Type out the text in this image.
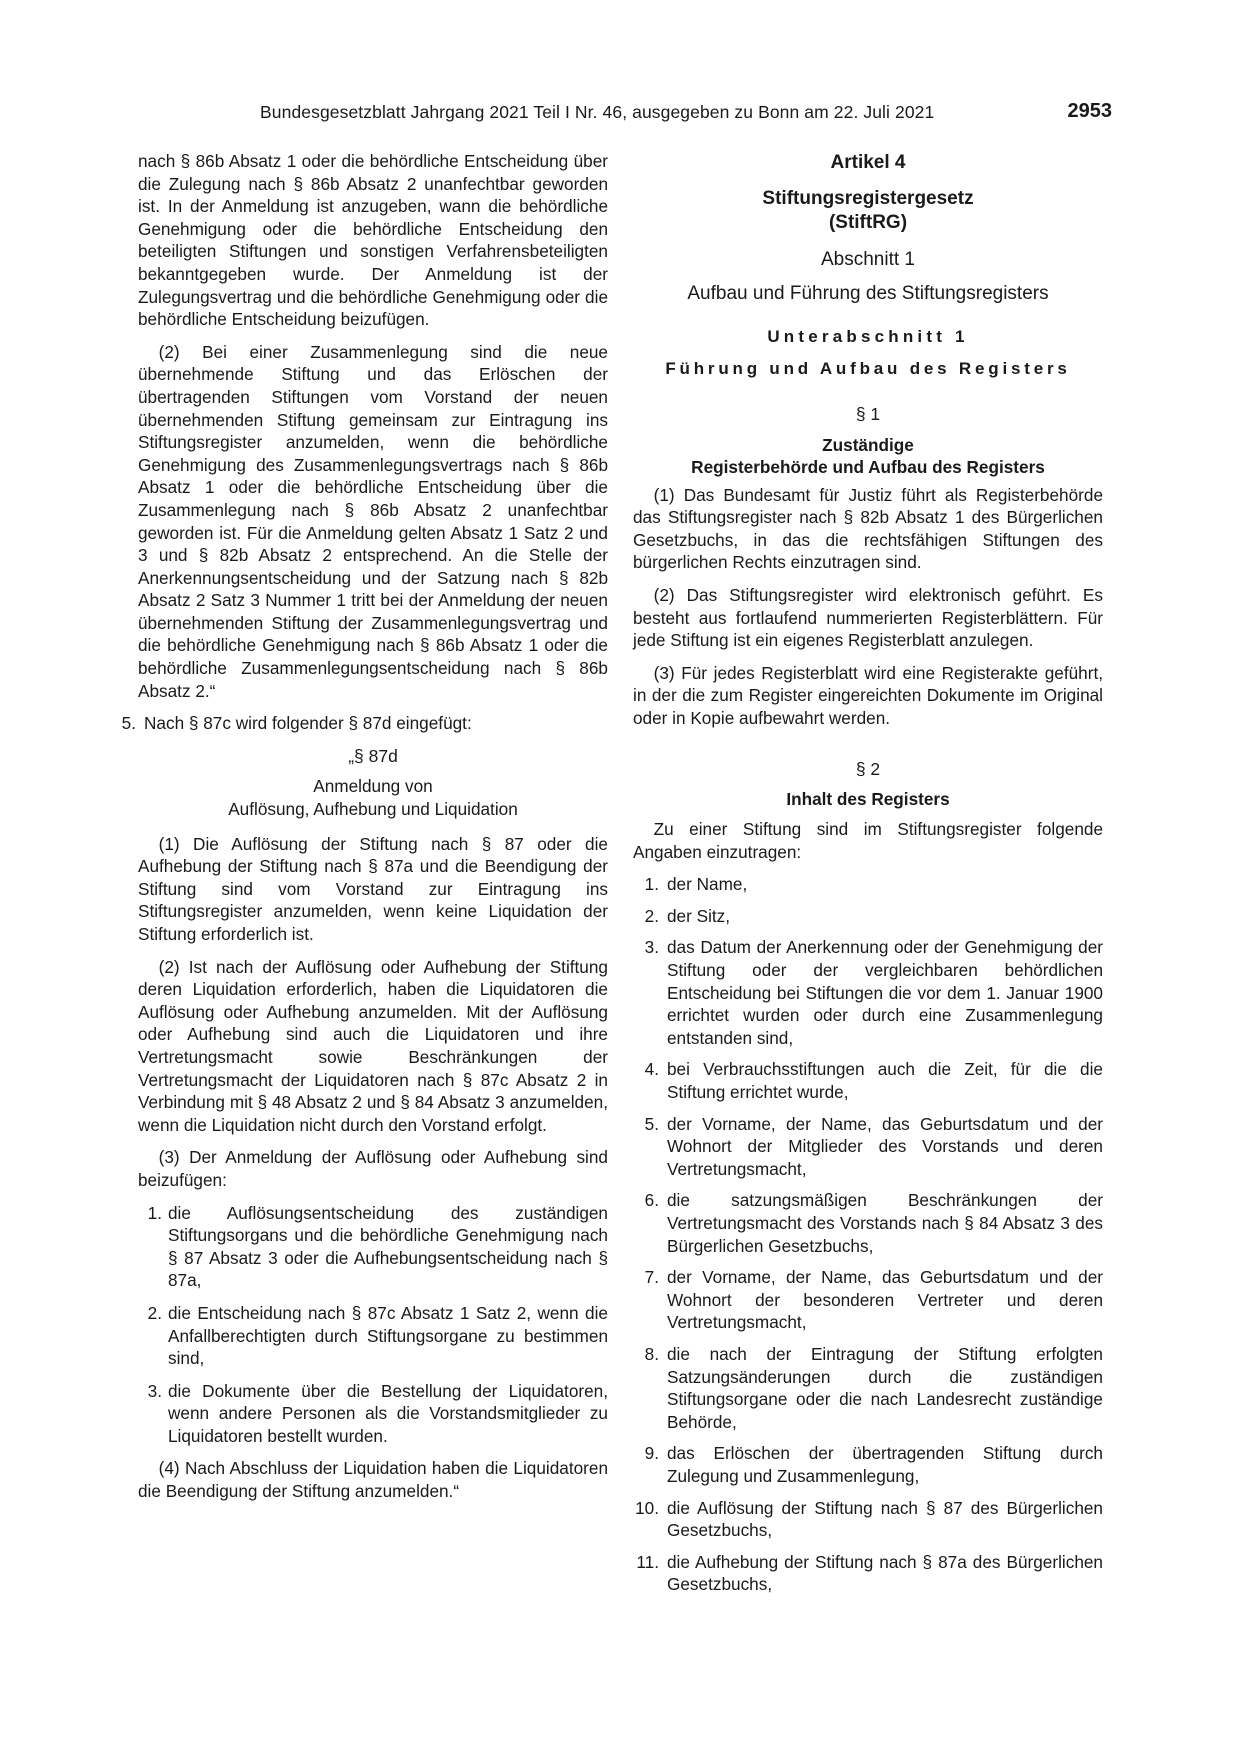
Bundesgesetzblatt Jahrgang 2021 Teil I Nr. 46, ausgegeben zu Bonn am 22. Juli 2021	2953

nach § 86b Absatz 1 oder die behördliche Entscheidung über die Zulegung nach § 86b Absatz 2 unanfechtbar geworden ist. In der Anmeldung ist anzugeben, wann die behördliche Genehmigung oder die behördliche Entscheidung den beteiligten Stiftungen und sonstigen Verfahrensbeteiligten bekanntgegeben wurde. Der Anmeldung ist der Zulegungsvertrag und die behördliche Genehmigung oder die behördliche Entscheidung beizufügen.

(2) Bei einer Zusammenlegung sind die neue übernehmende Stiftung und das Erlöschen der übertragenden Stiftungen vom Vorstand der neuen übernehmenden Stiftung gemeinsam zur Eintragung ins Stiftungsregister anzumelden, wenn die behördliche Genehmigung des Zusammenlegungsvertrags nach § 86b Absatz 1 oder die behördliche Entscheidung über die Zusammenlegung nach § 86b Absatz 2 unanfechtbar geworden ist. Für die Anmeldung gelten Absatz 1 Satz 2 und 3 und § 82b Absatz 2 entsprechend. An die Stelle der Anerkennungsentscheidung und der Satzung nach § 82b Absatz 2 Satz 3 Nummer 1 tritt bei der Anmeldung der neuen übernehmenden Stiftung der Zusammenlegungsvertrag und die behördliche Genehmigung nach § 86b Absatz 1 oder die behördliche Zusammenlegungsentscheidung nach § 86b Absatz 2.“

5. Nach § 87c wird folgender § 87d eingefügt:

„§ 87d

Anmeldung von

Auflösung, Aufhebung und Liquidation

(1) Die Auflösung der Stiftung nach § 87 oder die Aufhebung der Stiftung nach § 87a und die Beendigung der Stiftung sind vom Vorstand zur Eintragung ins Stiftungsregister anzumelden, wenn keine Liquidation der Stiftung erforderlich ist.

(2) Ist nach der Auflösung oder Aufhebung der Stiftung deren Liquidation erforderlich, haben die Liquidatoren die Auflösung oder Aufhebung anzumelden. Mit der Auflösung oder Aufhebung sind auch die Liquidatoren und ihre Vertretungsmacht sowie Beschränkungen der Vertretungsmacht der Liquidatoren nach § 87c Absatz 2 in Verbindung mit § 48 Absatz 2 und § 84 Absatz 3 anzumelden, wenn die Liquidation nicht durch den Vorstand erfolgt.

(3) Der Anmeldung der Auflösung oder Aufhebung sind beizufügen:

1. die Auflösungsentscheidung des zuständigen Stiftungsorgans und die behördliche Genehmigung nach § 87 Absatz 3 oder die Aufhebungsentscheidung nach § 87a,
2. die Entscheidung nach § 87c Absatz 1 Satz 2, wenn die Anfallberechtigten durch Stiftungsorgane zu bestimmen sind,
3. die Dokumente über die Bestellung der Liquidatoren, wenn andere Personen als die Vorstandsmitglieder zu Liquidatoren bestellt wurden.

(4) Nach Abschluss der Liquidation haben die Liquidatoren die Beendigung der Stiftung anzumelden.“

Artikel 4

Stiftungsregistergesetz

(StiftRG)

Abschnitt 1

Aufbau und Führung des Stiftungsregisters

Unterabschnitt 1

Führung und Aufbau des Registers

§ 1

Zuständige

Registerbehörde und Aufbau des Registers

(1) Das Bundesamt für Justiz führt als Registerbehörde das Stiftungsregister nach § 82b Absatz 1 des Bürgerlichen Gesetzbuchs, in das die rechtsfähigen Stiftungen des bürgerlichen Rechts einzutragen sind.

(2) Das Stiftungsregister wird elektronisch geführt. Es besteht aus fortlaufend nummerierten Registerblättern. Für jede Stiftung ist ein eigenes Registerblatt anzulegen.

(3) Für jedes Registerblatt wird eine Registerakte geführt, in der die zum Register eingereichten Dokumente im Original oder in Kopie aufbewahrt werden.

§ 2

Inhalt des Registers

Zu einer Stiftung sind im Stiftungsregister folgende Angaben einzutragen:

1. der Name,
2. der Sitz,
3. das Datum der Anerkennung oder der Genehmigung der Stiftung oder der vergleichbaren behördlichen Entscheidung bei Stiftungen die vor dem 1. Januar 1900 errichtet wurden oder durch eine Zusammenlegung entstanden sind,
4. bei Verbrauchsstiftungen auch die Zeit, für die die Stiftung errichtet wurde,
5. der Vorname, der Name, das Geburtsdatum und der Wohnort der Mitglieder des Vorstands und deren Vertretungsmacht,
6. die satzungsmäßigen Beschränkungen der Vertretungsmacht des Vorstands nach § 84 Absatz 3 des Bürgerlichen Gesetzbuchs,
7. der Vorname, der Name, das Geburtsdatum und der Wohnort der besonderen Vertreter und deren Vertretungsmacht,
8. die nach der Eintragung der Stiftung erfolgten Satzungsänderungen durch die zuständigen Stiftungsorgane oder die nach Landesrecht zuständige Behörde,
9. das Erlöschen der übertragenden Stiftung durch Zulegung und Zusammenlegung,
10. die Auflösung der Stiftung nach § 87 des Bürgerlichen Gesetzbuchs,
11. die Aufhebung der Stiftung nach § 87a des Bürgerlichen Gesetzbuchs,
